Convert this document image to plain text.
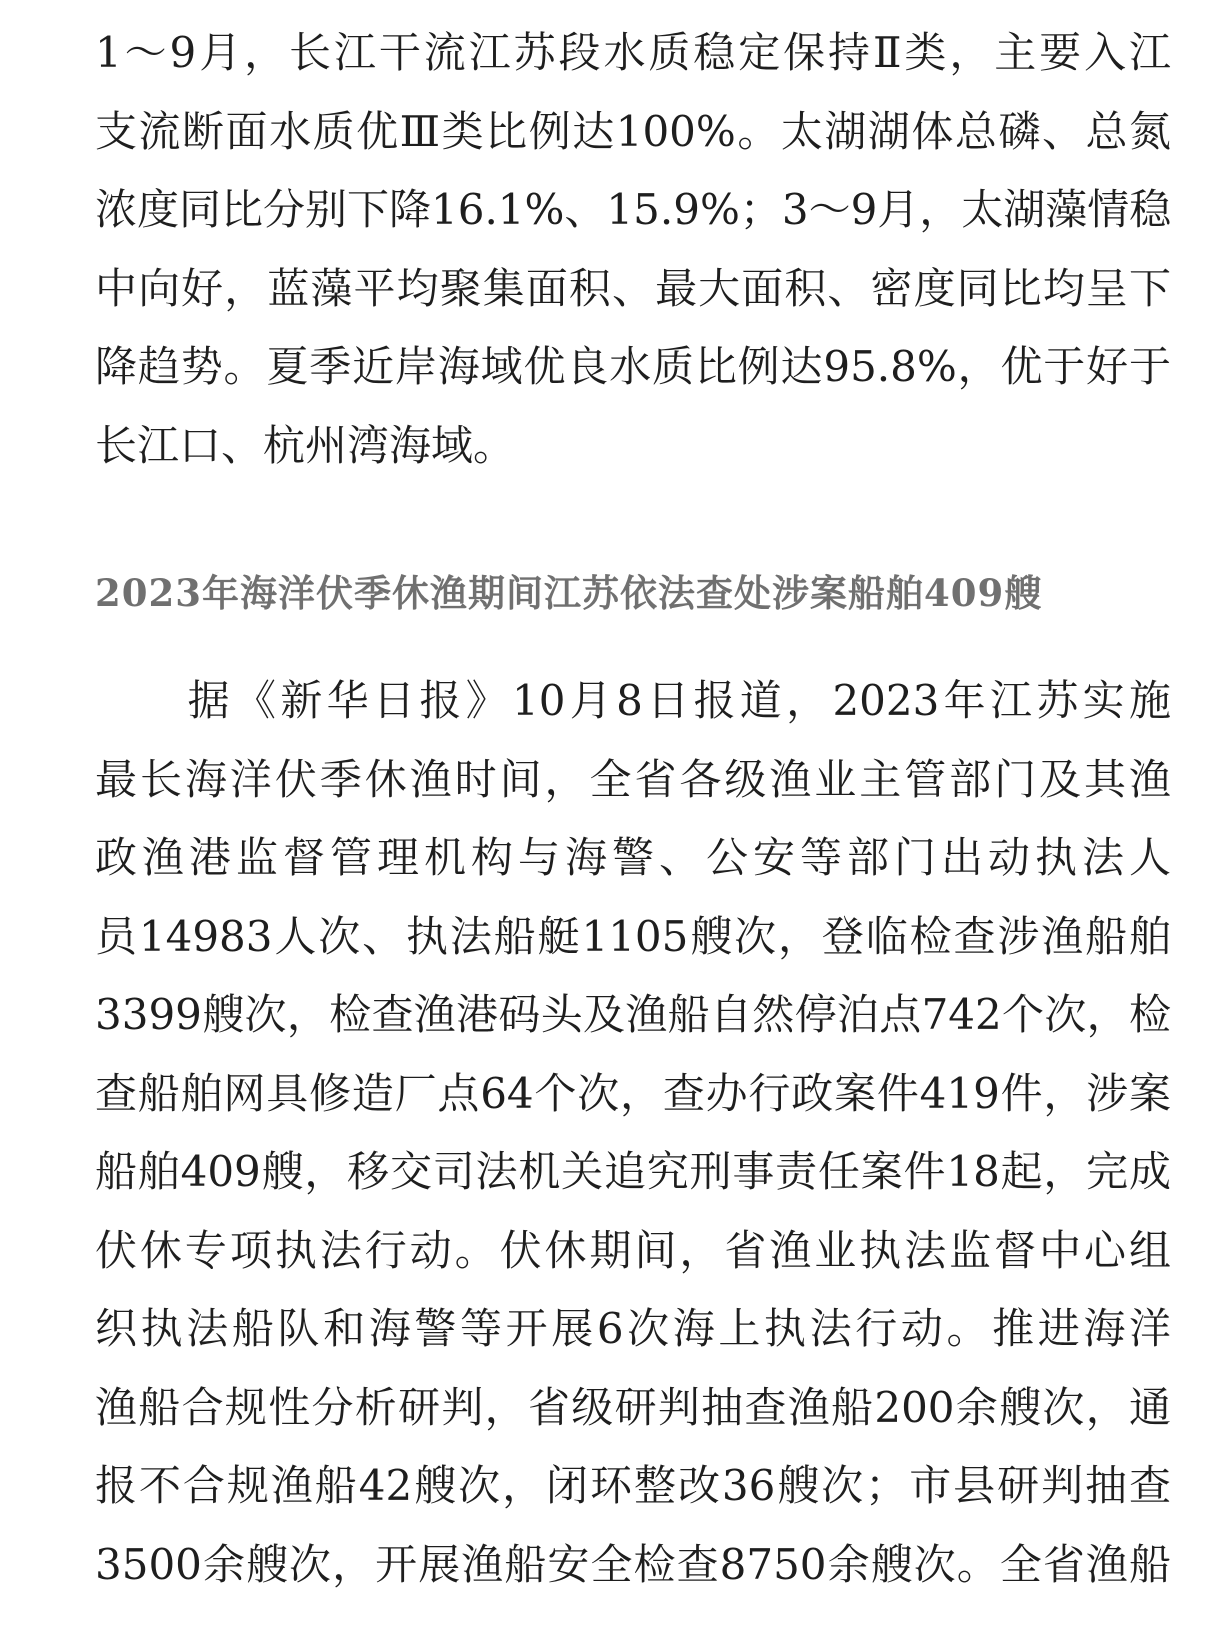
1～9月，长江干流江苏段水质稳定保持Ⅱ类，主要入江
支流断面水质优Ⅲ类比例达100%。太湖湖体总磷、总氮
浓度同比分别下降16.1%、15.9%；3～9月，太湖藻情稳
中向好，蓝藻平均聚集面积、最大面积、密度同比均呈下
降趋势。夏季近岸海域优良水质比例达95.8%，优于好于
长江口、杭州湾海域。

2023年海洋伏季休渔期间江苏依法查处涉案船舶409艘

　　据《新华日报》10月8日报道，2023年江苏实施
最长海洋伏季休渔时间，全省各级渔业主管部门及其渔
政渔港监督管理机构与海警、公安等部门出动执法人
员14983人次、执法船艇1105艘次，登临检查涉渔船舶
3399艘次，检查渔港码头及渔船自然停泊点742个次，检
查船舶网具修造厂点64个次，查办行政案件419件，涉案
船舶409艘，移交司法机关追究刑事责任案件18起，完成
伏休专项执法行动。伏休期间，省渔业执法监督中心组
织执法船队和海警等开展6次海上执法行动。推进海洋
渔船合规性分析研判，省级研判抽查渔船200余艘次，通
报不合规渔船42艘次，闭环整改36艘次；市县研判抽查
3500余艘次，开展渔船安全检查8750余艘次。全省渔船
